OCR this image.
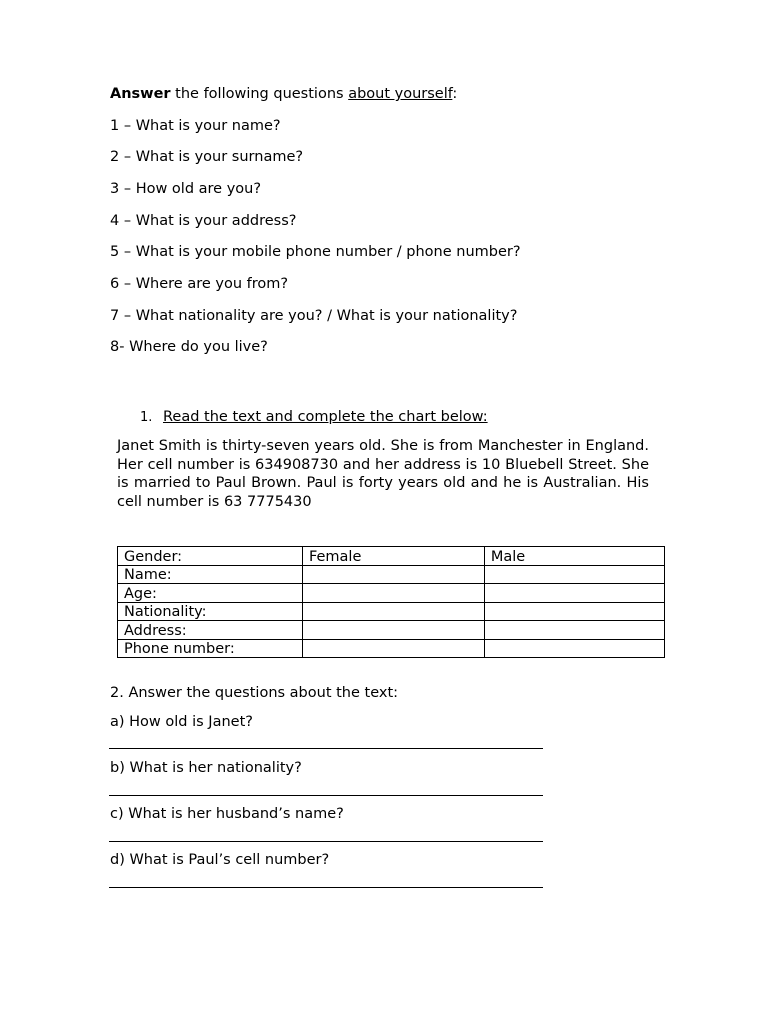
Answer the following questions about yourself:
1 – What is your name?
2 – What is your surname?
3 – How old are you?
4 – What is your address?
5 – What is your mobile phone number / phone number?
6 – Where are you from?
7 – What nationality are you? / What is your nationality?
8- Where do you live?
1. Read the text and complete the chart below:
Janet Smith is thirty-seven years old. She is from Manchester in England. Her cell number is 634908730 and her address is 10 Bluebell Street. She is married to Paul Brown. Paul is forty years old and he is Australian. His cell number is 63 7775430
Gender:	Female	Male
Name:		
Age:		
Nationality:		
Address:		
Phone number:		
2. Answer the questions about the text:
a) How old is Janet?
b) What is her nationality?
c) What is her husband’s name?
d) What is Paul’s cell number?
